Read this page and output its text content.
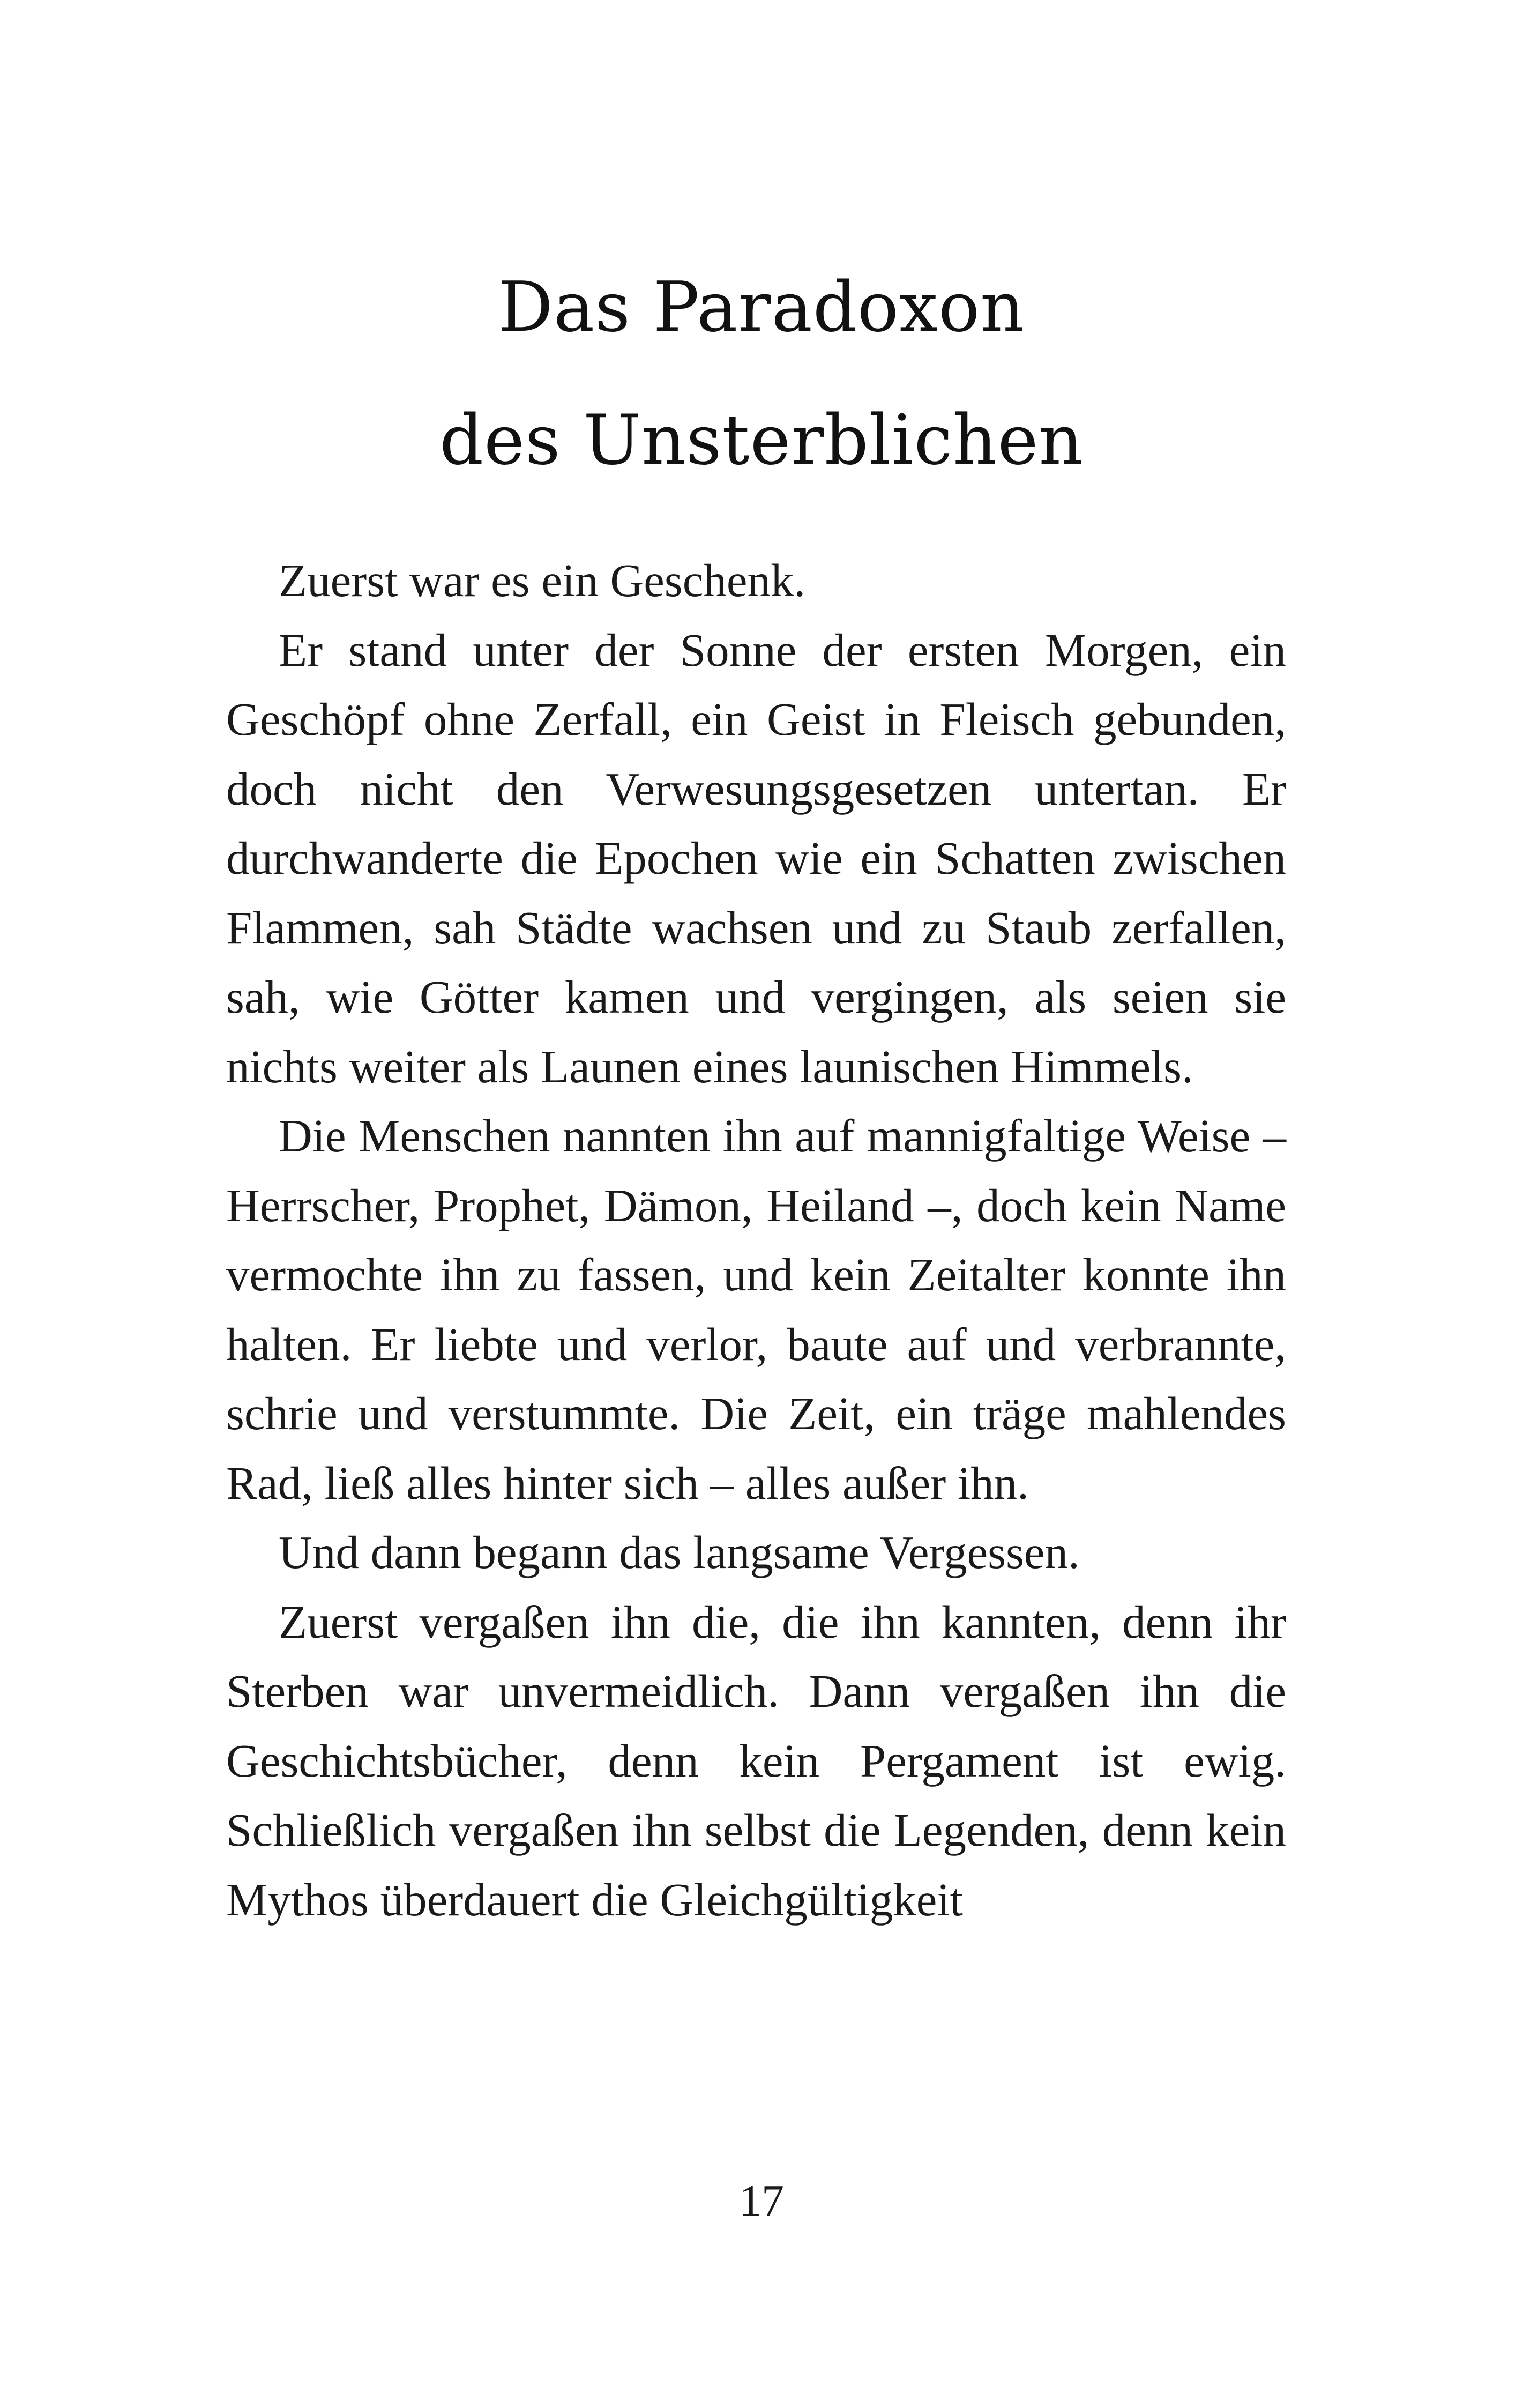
Das Paradoxon
des Unsterblichen

Zuerst war es ein Geschenk.

Er stand unter der Sonne der ersten Morgen, ein Geschöpf ohne Zerfall, ein Geist in Fleisch gebunden, doch nicht den Verwesungsgesetzen untertan. Er durchwanderte die Epochen wie ein Schatten zwischen Flammen, sah Städte wachsen und zu Staub zerfallen, sah, wie Götter kamen und vergingen, als seien sie nichts weiter als Launen eines launischen Himmels.

Die Menschen nannten ihn auf mannigfaltige Weise – Herrscher, Prophet, Dämon, Heiland –, doch kein Name vermochte ihn zu fassen, und kein Zeitalter konnte ihn halten. Er liebte und verlor, baute auf und verbrannte, schrie und verstummte. Die Zeit, ein träge mahlendes Rad, ließ alles hinter sich – alles außer ihn.

Und dann begann das langsame Vergessen.

Zuerst vergaßen ihn die, die ihn kannten, denn ihr Sterben war unvermeidlich. Dann vergaßen ihn die Geschichtsbücher, denn kein Pergament ist ewig. Schließlich vergaßen ihn selbst die Legenden, denn kein Mythos überdauert die Gleichgültigkeit

17
